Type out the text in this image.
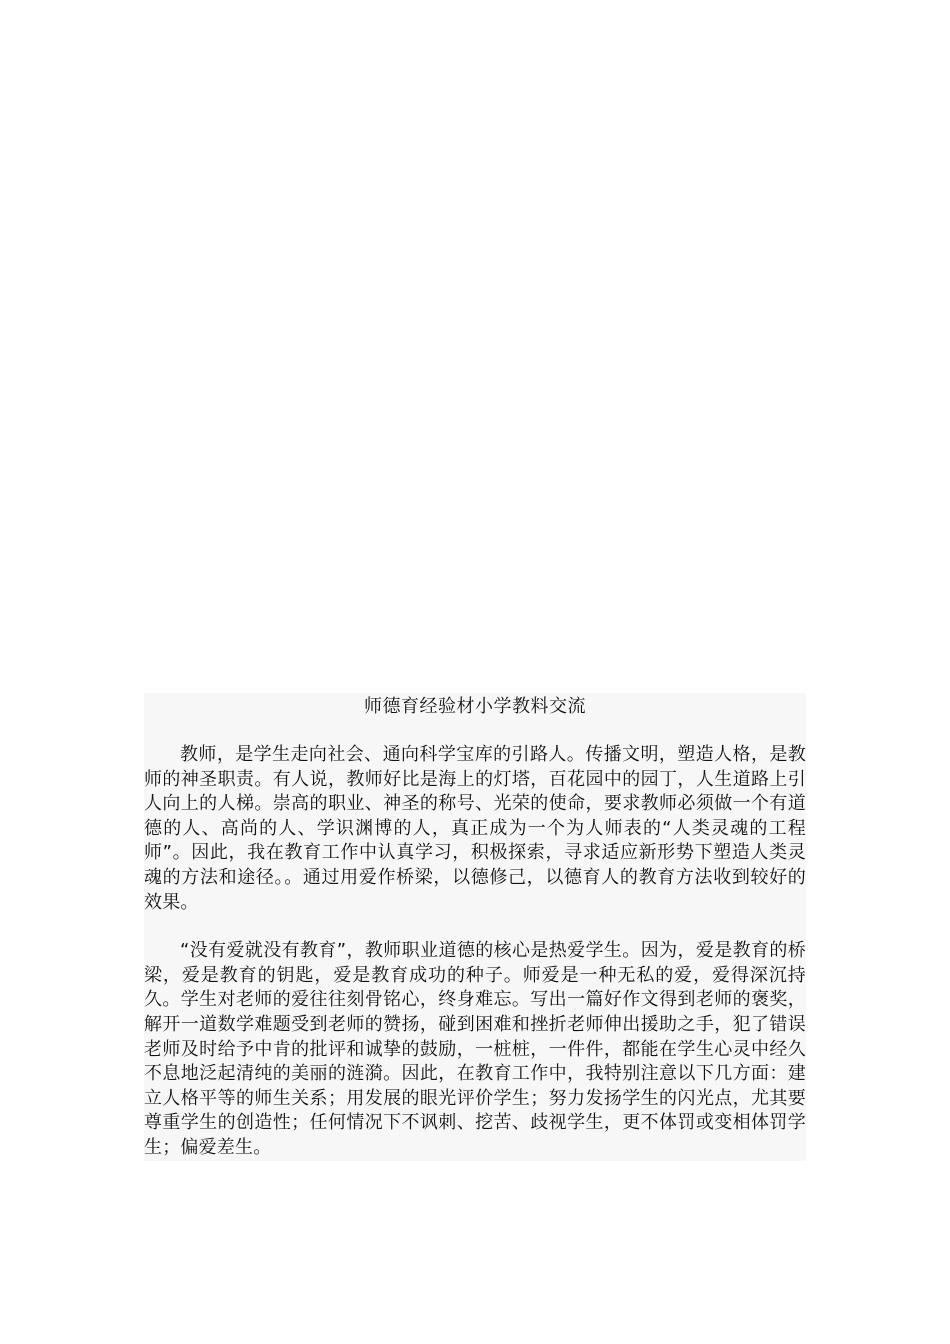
师德育经验材小学教料交流

教师，是学生走向社会、通向科学宝库的引路人。传播文明，塑造人格，是教师的神圣职责。有人说，教师好比是海上的灯塔，百花园中的园丁，人生道路上引人向上的人梯。崇高的职业、神圣的称号、光荣的使命，要求教师必须做一个有道德的人、高尚的人、学识渊博的人，真正成为一个为人师表的“人类灵魂的工程师”。因此，我在教育工作中认真学习，积极探索，寻求适应新形势下塑造人类灵魂的方法和途径。。通过用爱作桥梁，以德修己，以德育人的教育方法收到较好的效果。

“没有爱就没有教育”，教师职业道德的核心是热爱学生。因为，爱是教育的桥梁，爱是教育的钥匙，爱是教育成功的种子。师爱是一种无私的爱，爱得深沉持久。学生对老师的爱往往刻骨铭心，终身难忘。写出一篇好作文得到老师的褒奖，解开一道数学难题受到老师的赞扬，碰到困难和挫折老师伸出援助之手，犯了错误老师及时给予中肯的批评和诚挚的鼓励，一桩桩，一件件，都能在学生心灵中经久不息地泛起清纯的美丽的涟漪。因此，在教育工作中，我特别注意以下几方面：建立人格平等的师生关系；用发展的眼光评价学生；努力发扬学生的闪光点，尤其要尊重学生的创造性；任何情况下不讽刺、挖苦、歧视学生，更不体罚或变相体罚学生；偏爱差生。
